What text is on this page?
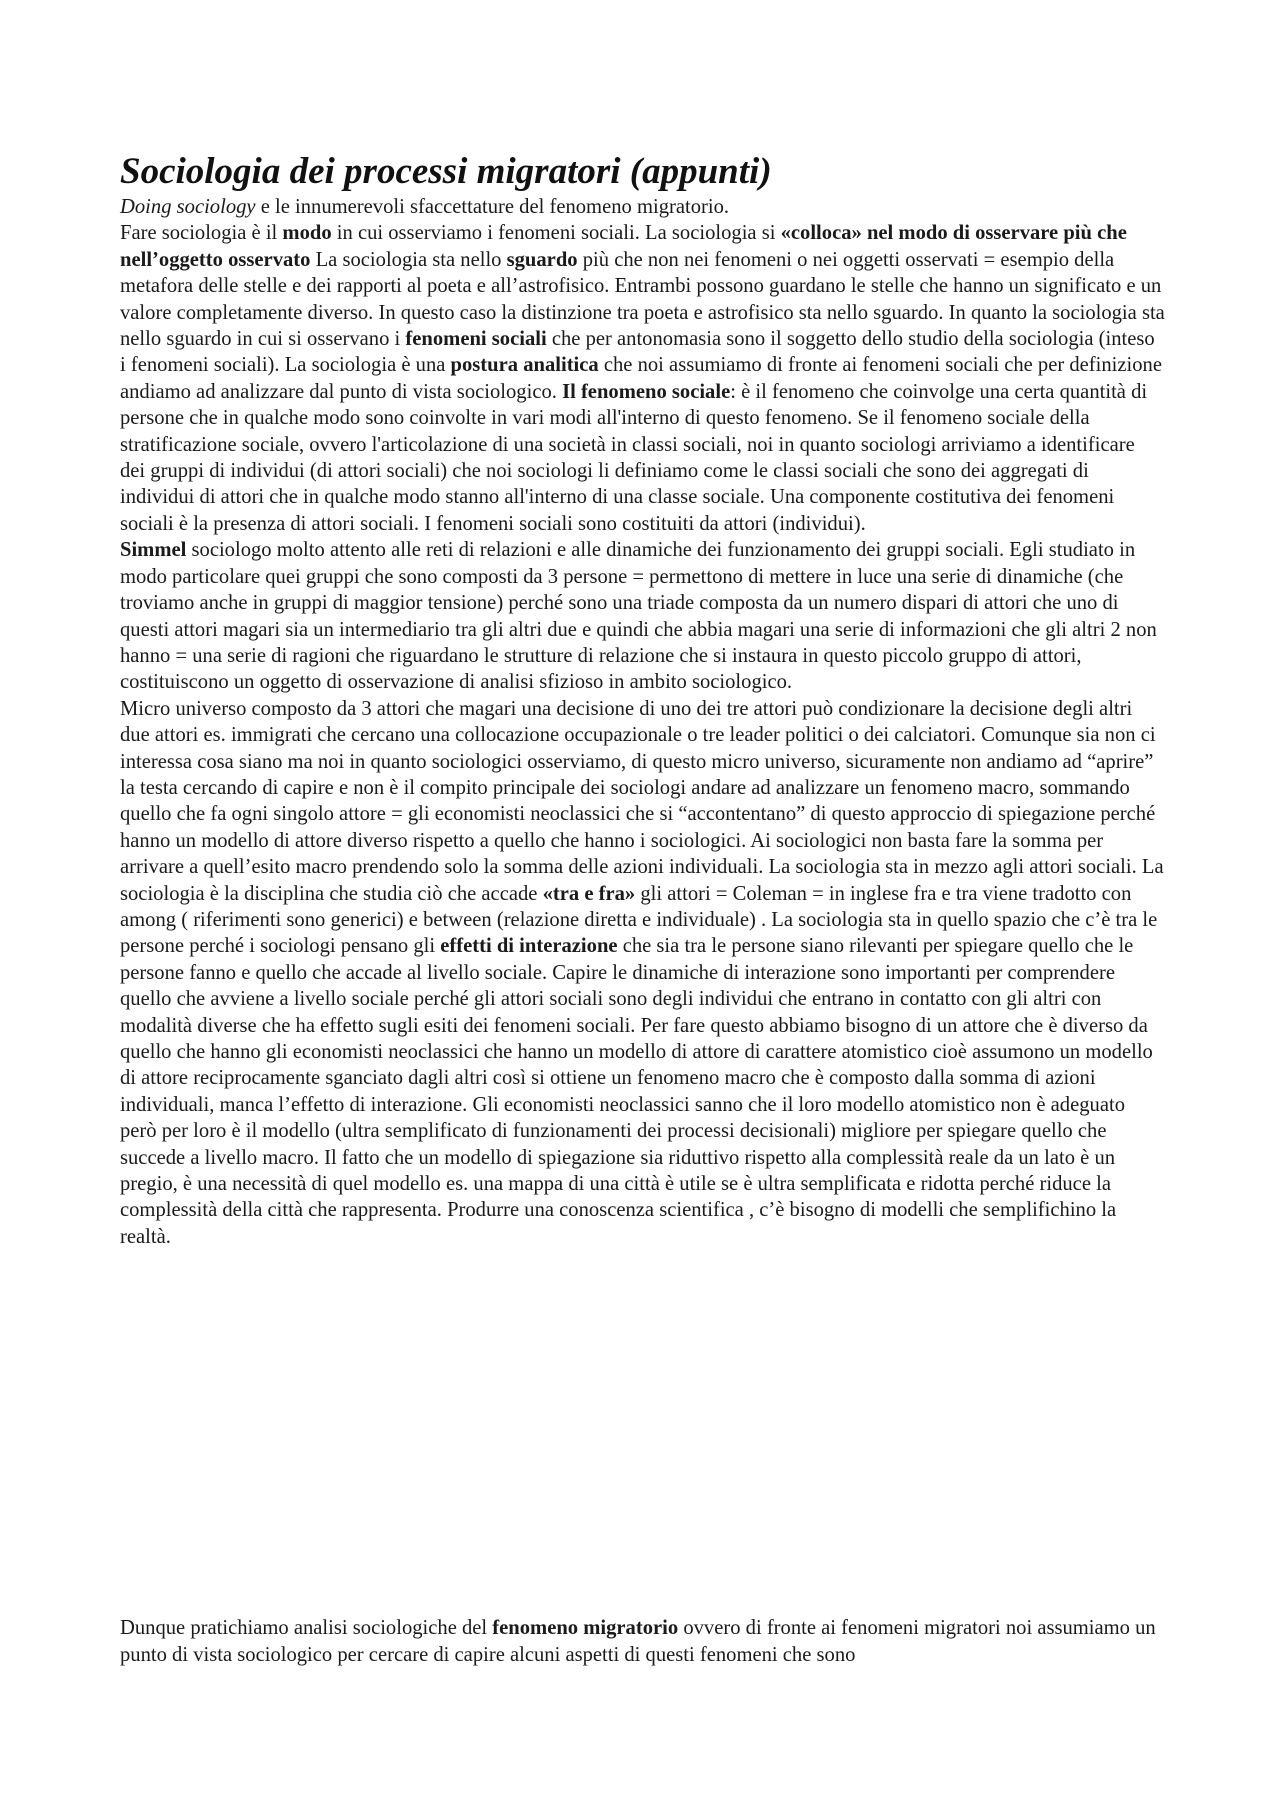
Sociologia dei processi migratori (appunti)

Doing sociology e le innumerevoli sfaccettature del fenomeno migratorio.

Fare sociologia è il modo in cui osserviamo i fenomeni sociali. La sociologia si «colloca» nel modo di osservare più che nell’oggetto osservato La sociologia sta nello sguardo più che non nei fenomeni o nei oggetti osservati = esempio della metafora delle stelle e dei rapporti al poeta e all’astrofisico. Entrambi possono guardano le stelle che hanno un significato e un valore completamente diverso. In questo caso la distinzione tra poeta e astrofisico sta nello sguardo. In quanto la sociologia sta nello sguardo in cui si osservano i fenomeni sociali che per antonomasia sono il soggetto dello studio della sociologia (inteso i fenomeni sociali). La sociologia è una postura analitica che noi assumiamo di fronte ai fenomeni sociali che per definizione andiamo ad analizzare dal punto di vista sociologico. Il fenomeno sociale: è il fenomeno che coinvolge una certa quantità di persone che in qualche modo sono coinvolte in vari modi all'interno di questo fenomeno. Se il fenomeno sociale della stratificazione sociale, ovvero l'articolazione di una società in classi sociali, noi in quanto sociologi arriviamo a identificare dei gruppi di individui (di attori sociali) che noi sociologi li definiamo come le classi sociali che sono dei aggregati di individui di attori che in qualche modo stanno all'interno di una classe sociale. Una componente costitutiva dei fenomeni sociali è la presenza di attori sociali. I fenomeni sociali sono costituiti da attori (individui).

Simmel sociologo molto attento alle reti di relazioni e alle dinamiche dei funzionamento dei gruppi sociali. Egli studiato in modo particolare quei gruppi che sono composti da 3 persone = permettono di mettere in luce una serie di dinamiche (che troviamo anche in gruppi di maggior tensione) perché sono una triade composta da un numero dispari di attori che uno di questi attori magari sia un intermediario tra gli altri due e quindi che abbia magari una serie di informazioni che gli altri 2 non hanno = una serie di ragioni che riguardano le strutture di relazione che si instaura in questo piccolo gruppo di attori, costituiscono un oggetto di osservazione di analisi sfizioso in ambito sociologico.

Micro universo composto da 3 attori che magari una decisione di uno dei tre attori può condizionare la decisione degli altri due attori es. immigrati che cercano una collocazione occupazionale o tre leader politici o dei calciatori. Comunque sia non ci interessa cosa siano ma noi in quanto sociologici osserviamo, di questo micro universo, sicuramente non andiamo ad “aprire” la testa cercando di capire e non è il compito principale dei sociologi andare ad analizzare un fenomeno macro, sommando quello che fa ogni singolo attore = gli economisti neoclassici che si “accontentano” di questo approccio di spiegazione perché hanno un modello di attore diverso rispetto a quello che hanno i sociologici. Ai sociologici non basta fare la somma per arrivare a quell’esito macro prendendo solo la somma delle azioni individuali. La sociologia sta in mezzo agli attori sociali. La sociologia è la disciplina che studia ciò che accade «tra e fra» gli attori = Coleman = in inglese fra e tra viene tradotto con among ( riferimenti sono generici) e between (relazione diretta e individuale) . La sociologia sta in quello spazio che c’è tra le persone perché i sociologi pensano gli effetti di interazione che sia tra le persone siano rilevanti per spiegare quello che le persone fanno e quello che accade al livello sociale. Capire le dinamiche di interazione sono importanti per comprendere quello che avviene a livello sociale perché gli attori sociali sono degli individui che entrano in contatto con gli altri con modalità diverse che ha effetto sugli esiti dei fenomeni sociali. Per fare questo abbiamo bisogno di un attore che è diverso da quello che hanno gli economisti neoclassici che hanno un modello di attore di carattere atomistico cioè assumono un modello di attore reciprocamente sganciato dagli altri così si ottiene un fenomeno macro che è composto dalla somma di azioni individuali, manca l’effetto di interazione. Gli economisti neoclassici sanno che il loro modello atomistico non è adeguato però per loro è il modello (ultra semplificato di funzionamenti dei processi decisionali) migliore per spiegare quello che succede a livello macro. Il fatto che un modello di spiegazione sia riduttivo rispetto alla complessità reale da un lato è un pregio, è una necessità di quel modello es. una mappa di una città è utile se è ultra semplificata e ridotta perché riduce la complessità della città che rappresenta. Produrre una conoscenza scientifica , c’è bisogno di modelli che semplifichino la realtà.

Dunque pratichiamo analisi sociologiche del fenomeno migratorio ovvero di fronte ai fenomeni migratori noi assumiamo un punto di vista sociologico per cercare di capire alcuni aspetti di questi fenomeni che sono
